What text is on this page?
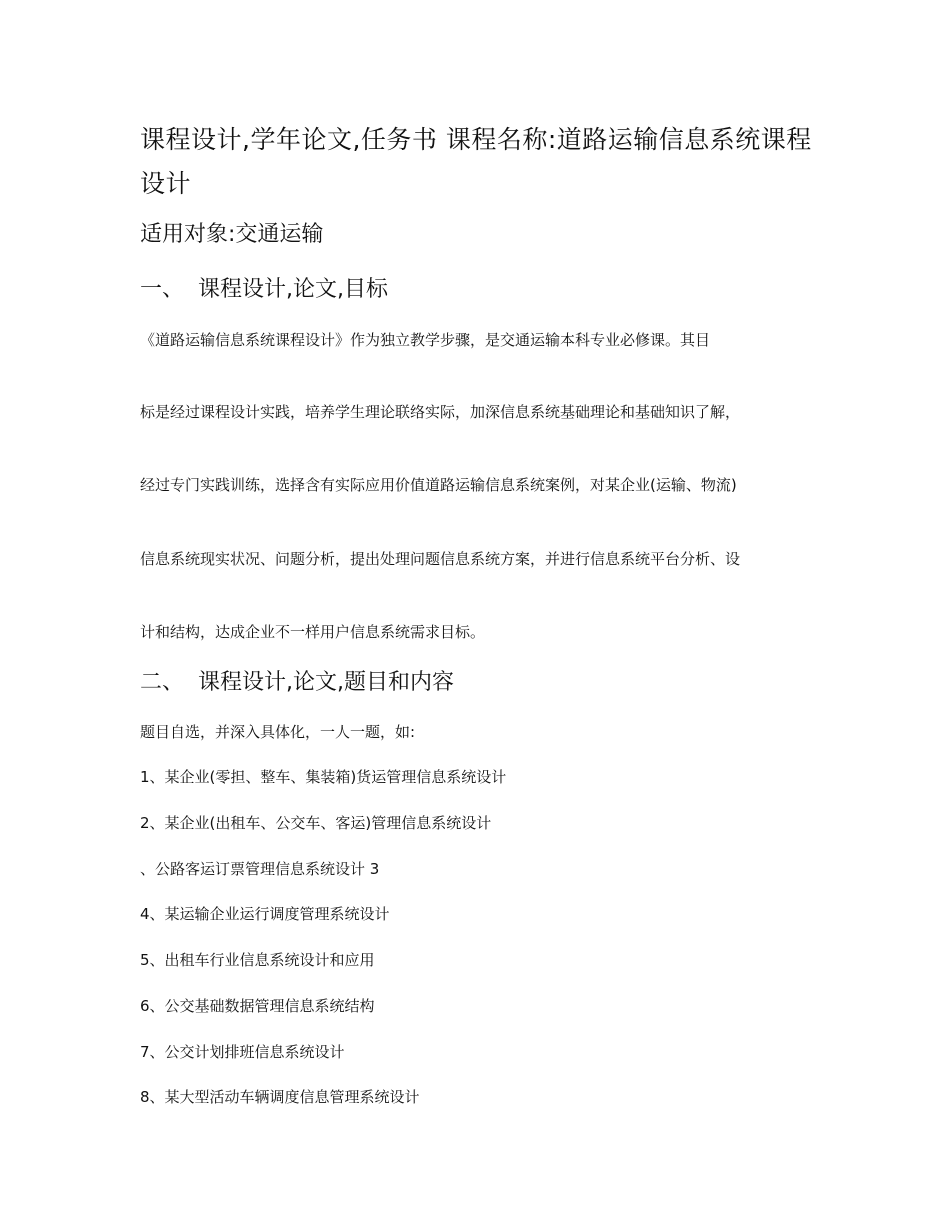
课程设计,学年论文,任务书 课程名称:道路运输信息系统课程设计
适用对象:交通运输
一、 课程设计,论文,目标

《道路运输信息系统课程设计》作为独立教学步骤，是交通运输本科专业必修课。其目

标是经过课程设计实践，培养学生理论联络实际，加深信息系统基础理论和基础知识了解，

经过专门实践训练，选择含有实际应用价值道路运输信息系统案例，对某企业(运输、物流)

信息系统现实状况、问题分析，提出处理问题信息系统方案，并进行信息系统平台分析、设

计和结构，达成企业不一样用户信息系统需求目标。

二、 课程设计,论文,题目和内容

题目自选，并深入具体化，一人一题，如:

1、某企业(零担、整车、集装箱)货运管理信息系统设计

2、某企业(出租车、公交车、客运)管理信息系统设计

、公路客运订票管理信息系统设计 3

4、某运输企业运行调度管理系统设计

5、出租车行业信息系统设计和应用

6、公交基础数据管理信息系统结构

7、公交计划排班信息系统设计

8、某大型活动车辆调度信息管理系统设计
